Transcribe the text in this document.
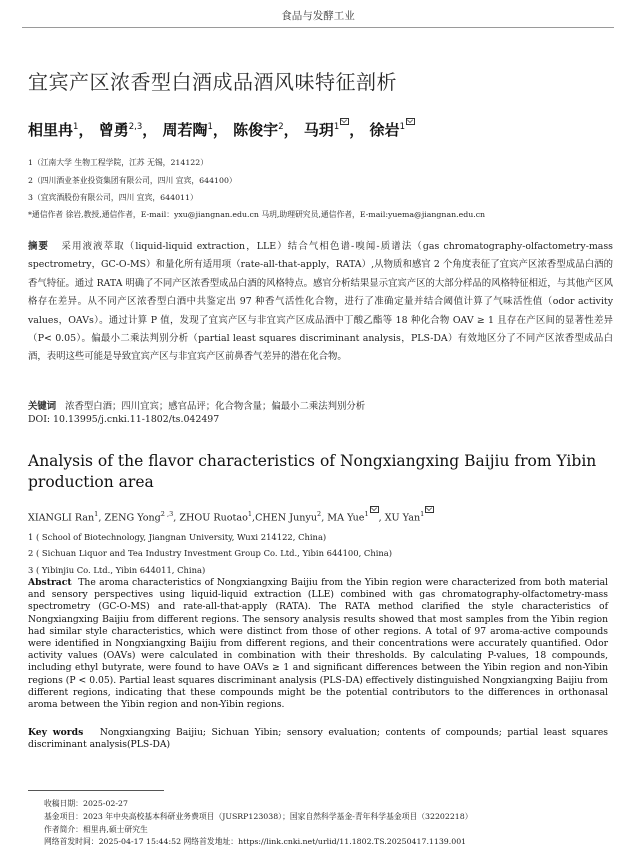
食品与发酵工业
宜宾产区浓香型白酒成品酒风味特征剖析
相里冉$^1$， 曾勇$^{2,3}$， 周若陶$^1$， 陈俊宇$^2$， 马玥$^1$ ， 徐岩$^1$
1（江南大学 生物工程学院，江苏 无锡，214122）
2（四川酒业茶业投资集团有限公司，四川 宜宾，644100）
3（宜宾酒股份有限公司，四川 宜宾，644011）
*通信作者 徐岩,教授,通信作者，E-mail：yxu@jiangnan.edu.cn 马玥,助理研究员,通信作者，E-mail:yuema@jiangnan.edu.cn
摘要 采用液液萃取（liquid-liquid extraction，LLE）结合气相色谱-嗅闻-质谱法（gas chromatography-olfactometry-mass spectrometry，GC-O-MS）和量化所有适用项（rate-all-that-apply，RATA）,从物质和感官 2 个角度表征了宜宾产区浓香型成品白酒的香气特征。通过 RATA 明确了不同产区浓香型成品白酒的风格特点。感官分析结果显示宜宾产区的大部分样品的风格特征相近，与其他产区风格存在差异。从不同产区浓香型白酒中共鉴定出 97 种香气活性化合物，进行了准确定量并结合阈值计算了气味活性值（odor activity values，OAVs）。通过计算 P 值，发现了宜宾产区与非宜宾产区成品酒中丁酸乙酯等 18 种化合物 OAV ≥ 1 且存在产区间的显著性差异（P< 0.05）。偏最小二乘法判别分析（partial least squares discriminant analysis，PLS-DA）有效地区分了不同产区浓香型成品白酒，表明这些可能是导致宜宾产区与非宜宾产区前鼻香气差异的潜在化合物。
关键词 浓香型白酒；四川宜宾；感官品评；化合物含量；偏最小二乘法判别分析
DOI: 10.13995/j.cnki.11-1802/ts.042497
Analysis of the flavor characteristics of Nongxiangxing Baijiu from Yibin production area
XIANGLI Ran$^1$, ZENG Yong$^{2 ,3}$, ZHOU Ruotao$^1$,CHEN Junyu$^2$, MA Yue$^1$ , XU Yan$^1$
1 ( School of Biotechnology, Jiangnan University, Wuxi 214122, China)
2 ( Sichuan Liquor and Tea Industry Investment Group Co. Ltd., Yibin 644100, China)
3 ( Yibinjiu Co. Ltd., Yibin 644011, China)
Abstract The aroma characteristics of Nongxiangxing Baijiu from the Yibin region were characterized from both material and sensory perspectives using liquid-liquid extraction (LLE) combined with gas chromatography-olfactometry-mass spectrometry (GC-O-MS) and rate-all-that-apply (RATA). The RATA method clarified the style characteristics of Nongxiangxing Baijiu from different regions. The sensory analysis results showed that most samples from the Yibin region had similar style characteristics, which were distinct from those of other regions. A total of 97 aroma-active compounds were identified in Nongxiangxing Baijiu from different regions, and their concentrations were accurately quantified. Odor activity values (OAVs) were calculated in combination with their thresholds. By calculating P-values, 18 compounds, including ethyl butyrate, were found to have OAVs ≥ 1 and significant differences between the Yibin region and non-Yibin regions (P < 0.05). Partial least squares discriminant analysis (PLS-DA) effectively distinguished Nongxiangxing Baijiu from different regions, indicating that these compounds might be the potential contributors to the differences in orthonasal aroma between the Yibin region and non-Yibin regions.
Key words Nongxiangxing Baijiu; Sichuan Yibin; sensory evaluation; contents of compounds; partial least squares discriminant analysis(PLS-DA)
收稿日期：2025-02-27
基金项目：2023 年中央高校基本科研业务费项目（JUSRP123038）；国家自然科学基金-青年科学基金项目（32202218）
作者简介：相里冉,硕士研究生
网络首发时间：2025-04-17 15:44:52 网络首发地址：https://link.cnki.net/urlid/11.1802.TS.20250417.1139.001
